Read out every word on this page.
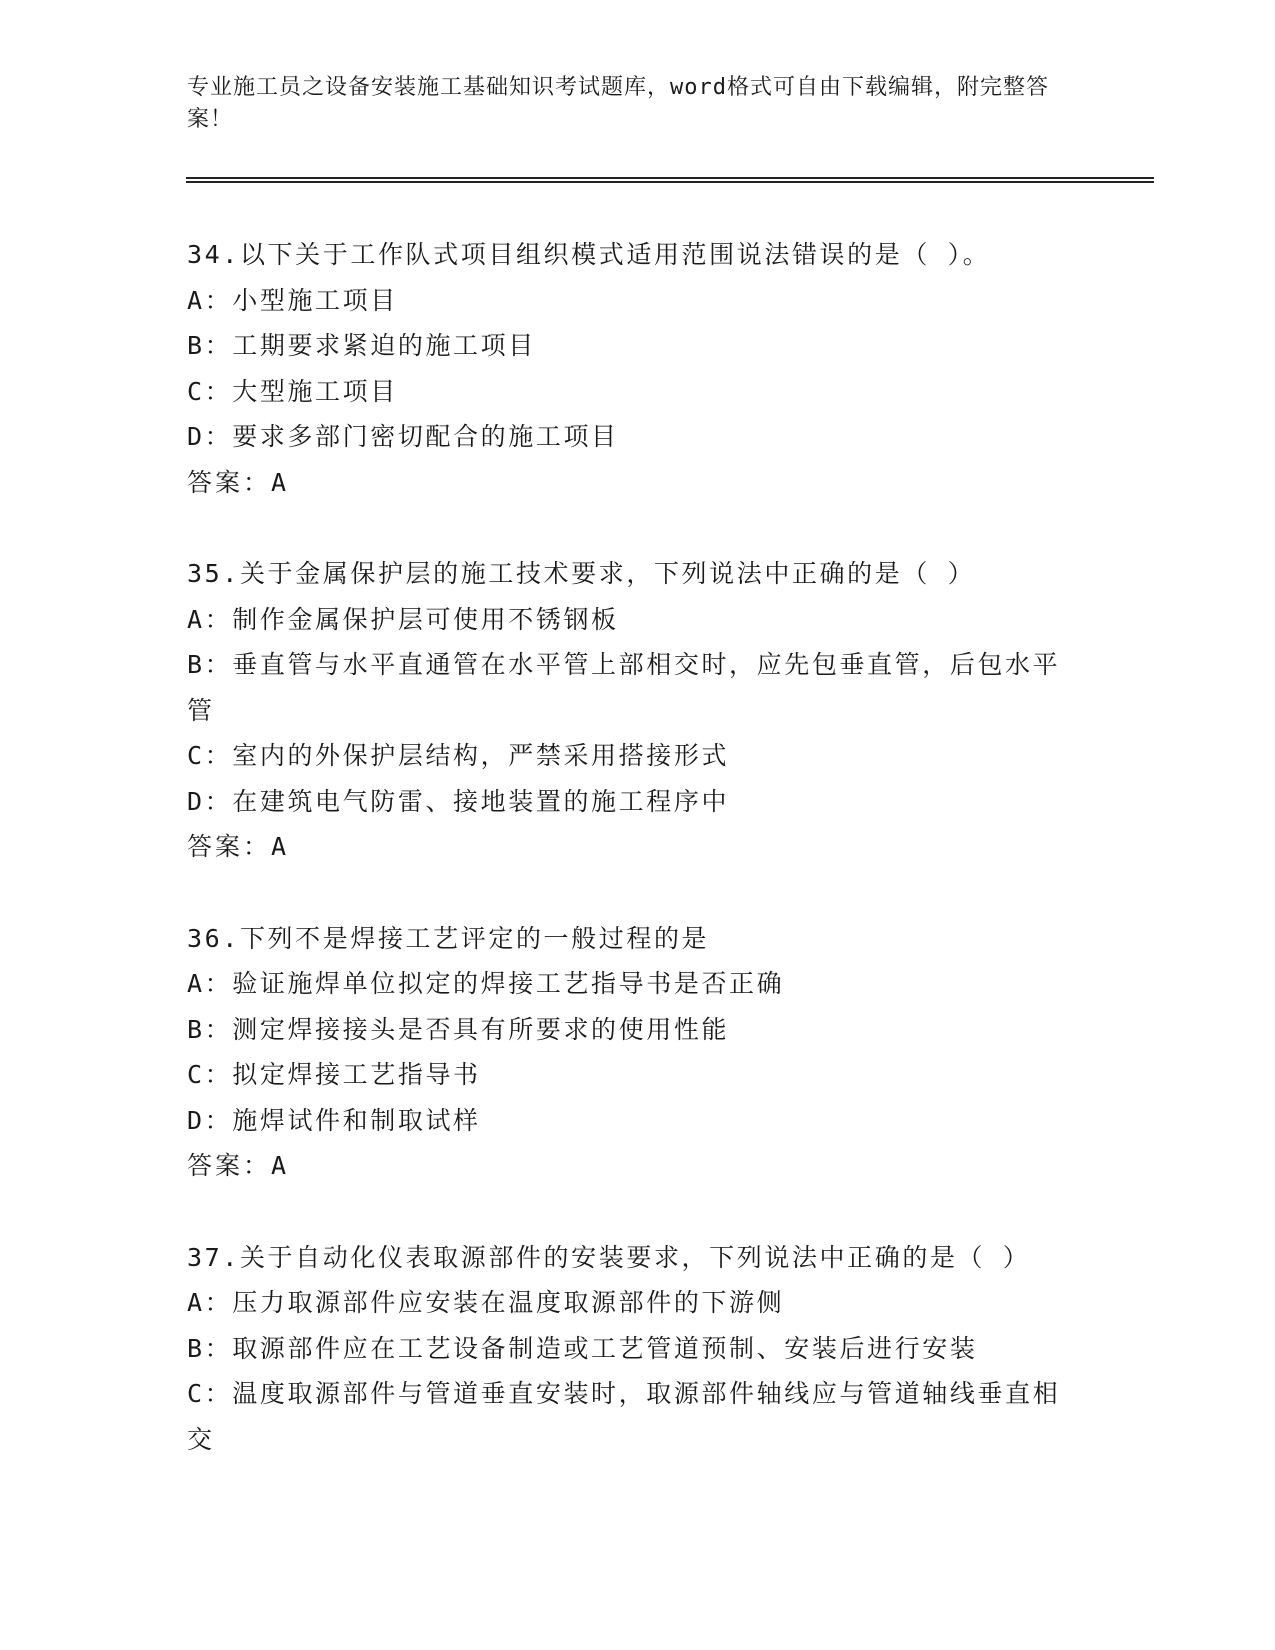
专业施工员之设备安装施工基础知识考试题库，word格式可自由下载编辑，附完整答案！

34.以下关于工作队式项目组织模式适用范围说法错误的是（ ）。

A：小型施工项目

B：工期要求紧迫的施工项目

C：大型施工项目

D：要求多部门密切配合的施工项目

答案：A

35.关于金属保护层的施工技术要求，下列说法中正确的是（ ）

A：制作金属保护层可使用不锈钢板

B：垂直管与水平直通管在水平管上部相交时，应先包垂直管，后包水平管

C：室内的外保护层结构，严禁采用搭接形式

D：在建筑电气防雷、接地装置的施工程序中

答案：A

36.下列不是焊接工艺评定的一般过程的是

A：验证施焊单位拟定的焊接工艺指导书是否正确

B：测定焊接接头是否具有所要求的使用性能

C：拟定焊接工艺指导书

D：施焊试件和制取试样

答案：A

37.关于自动化仪表取源部件的安装要求，下列说法中正确的是（ ）

A：压力取源部件应安装在温度取源部件的下游侧

B：取源部件应在工艺设备制造或工艺管道预制、安装后进行安装

C：温度取源部件与管道垂直安装时，取源部件轴线应与管道轴线垂直相交
